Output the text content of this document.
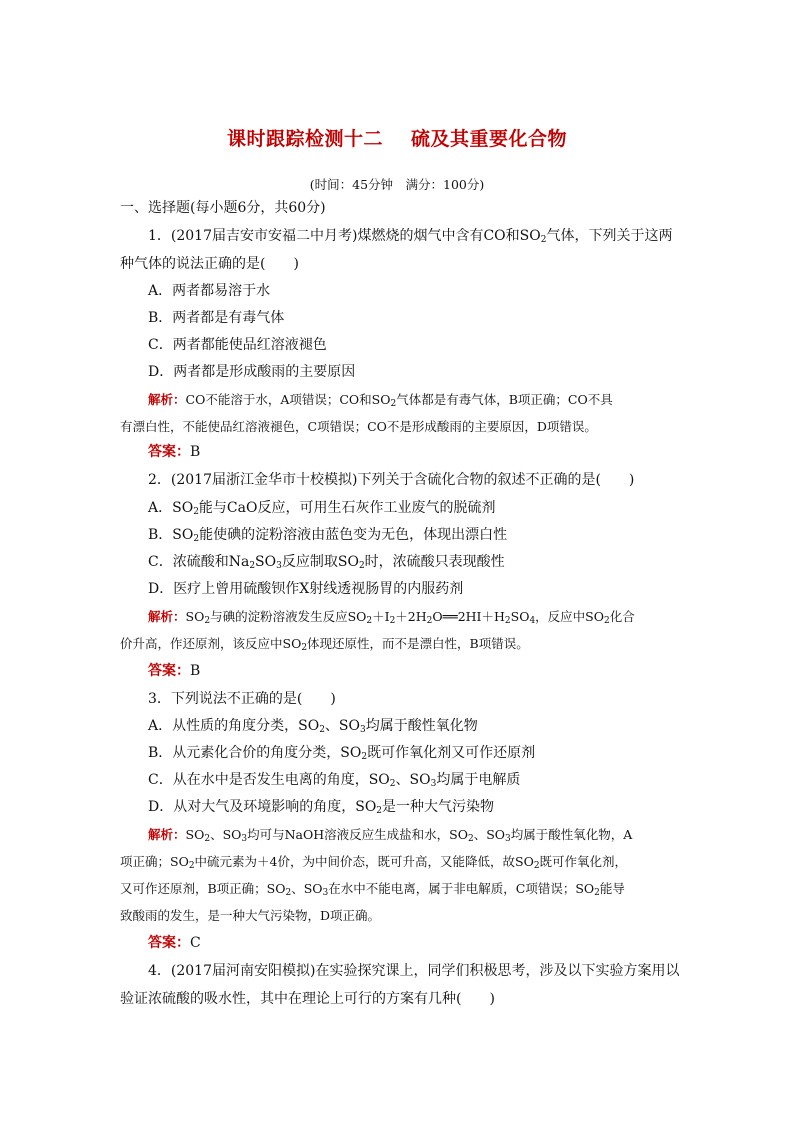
课时跟踪检测十二 硫及其重要化合物
(时间：45分钟　满分：100分)
一、选择题(每小题6分，共60分)
1．(2017届吉安市安福二中月考)煤燃烧的烟气中含有CO和$SO_2$气体，下列关于这两
种气体的说法正确的是(　　)
A．两者都易溶于水
B．两者都是有毒气体
C．两者都能使品红溶液褪色
D．两者都是形成酸雨的主要原因
解析：CO不能溶于水，A项错误；CO和$SO_2$气体都是有毒气体，B项正确；CO不具
有漂白性，不能使品红溶液褪色，C项错误；CO不是形成酸雨的主要原因，D项错误。
答案：B
2．(2017届浙江金华市十校模拟)下列关于含硫化合物的叙述不正确的是(　　)
A．$SO_2$能与CaO反应，可用生石灰作工业废气的脱硫剂
B．$SO_2$能使碘的淀粉溶液由蓝色变为无色，体现出漂白性
C．浓硫酸和$Na_2SO_3$反应制取$SO_2$时，浓硫酸只表现酸性
D．医疗上曾用硫酸钡作X射线透视肠胃的内服药剂
解析：$SO_2$与碘的淀粉溶液发生反应$SO_2+I_2+2H_2O══2HI+H_2SO_4$，反应中$SO_2$化合
价升高，作还原剂，该反应中$SO_2$体现还原性，而不是漂白性，B项错误。
答案：B
3．下列说法不正确的是(　　)
A．从性质的角度分类，$SO_2$、$SO_3$均属于酸性氧化物
B．从元素化合价的角度分类，$SO_2$既可作氧化剂又可作还原剂
C．从在水中是否发生电离的角度，$SO_2$、$SO_3$均属于电解质
D．从对大气及环境影响的角度，$SO_2$是一种大气污染物
解析：$SO_2$、$SO_3$均可与NaOH溶液反应生成盐和水，$SO_2$、$SO_3$均属于酸性氧化物，A
项正确；$SO_2$中硫元素为＋4价，为中间价态，既可升高，又能降低，故$SO_2$既可作氧化剂，
又可作还原剂，B项正确；$SO_2$、$SO_3$在水中不能电离，属于非电解质，C项错误；$SO_2$能导
致酸雨的发生，是一种大气污染物，D项正确。
答案：C
4．(2017届河南安阳模拟)在实验探究课上，同学们积极思考，涉及以下实验方案用以
验证浓硫酸的吸水性，其中在理论上可行的方案有几种(　　)
